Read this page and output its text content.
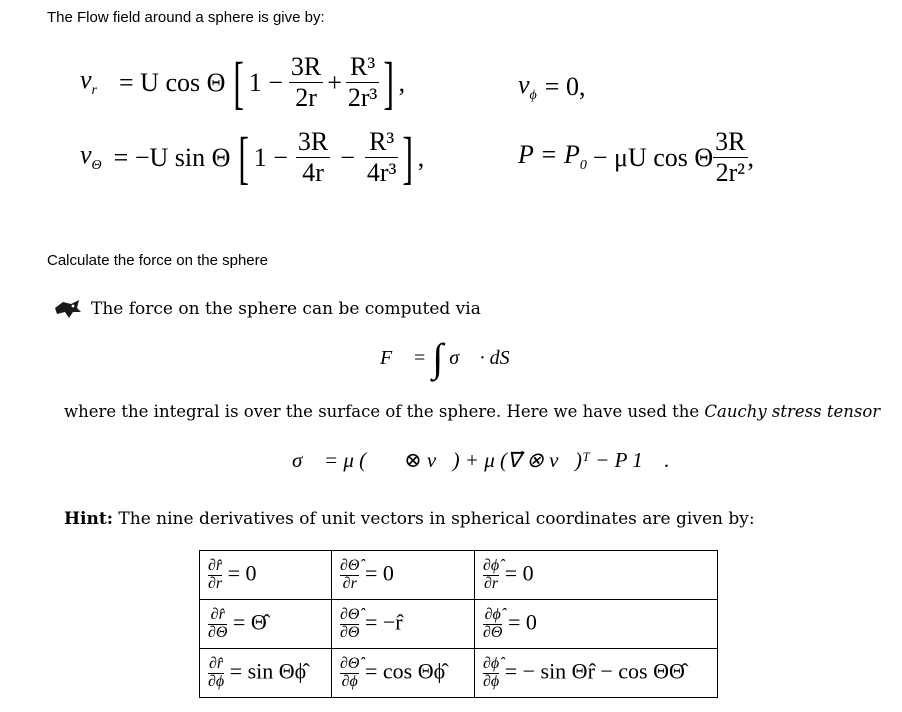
The Flow field around a sphere is give by:
$v_r = U$ cos Θ [ $1 - \frac{3R}{2r} + \frac{\text{R³}}{\text{2r³}}$ ] ,	$v_\phi = 0$,
$v_\Theta = -U$ sin Θ [ $1 - \frac{3R}{4r} - \frac{\text{R³}}{\text{4r³}}$ ] ,	$P = P_0 - \mu U$ cos Θ $\frac{3R}{\text{2r²}}$ ,
Calculate the force on the sphere
The force on the sphere can be computed via
F⃗ = ∫ σ⃡ · dS⃗
where the integral is over the surface of the sphere. Here we have used the Cauchy stress tensor
σ⃡ = μ (∇⃗ ⊗ v⃗) + μ (∇⃗ ⊗ v⃗)ᵀ − P 1⃡ .
Hint: The nine derivatives of unit vectors in spherical coordinates are given by:
$\frac{\partial r̂}{\partial r} = 0$	$\frac{\partial\Thetâ}{\partial r} = 0$	$\frac{\partial\phî}{\partial r} = 0$

$\frac{\partial r̂}{\partial\Theta}$ = Θ̂	$\frac{\partial\Thetâ}{\partial\Theta}$ = −r̂	$\frac{\partial\phî}{\partial\Theta} = 0$

$\frac{\partial r̂}{\partial\phi} = \sin$ Θϕ̂	$\frac{\partial\Thetâ}{\partial\phi} = \cos$ Θϕ̂	$\frac{\partial\phî}{\partial\phi}$ = − sin Θr̂ − cos ΘΘ̂
